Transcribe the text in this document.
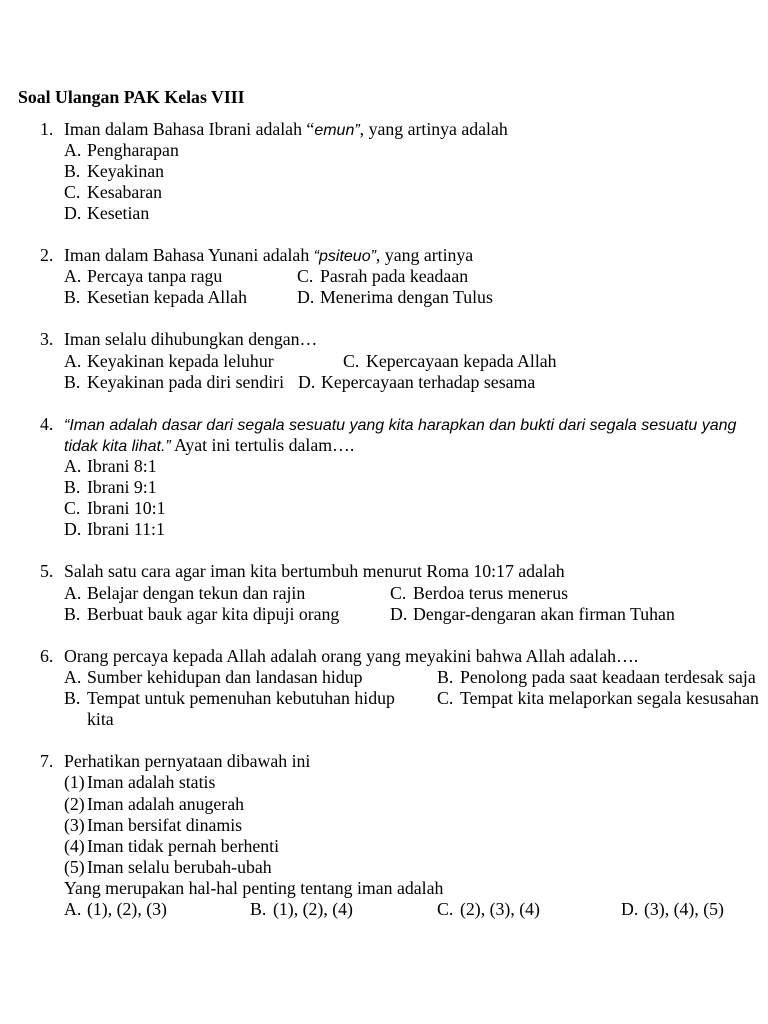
Soal Ulangan PAK Kelas VIII
1. Iman dalam Bahasa Ibrani adalah “emun”, yang artinya adalah
A. Pengharapan
B. Keyakinan
C. Kesabaran
D. Kesetian
2. Iman dalam Bahasa Yunani adalah “psiteuo”, yang artinya
A. Percaya tanpa ragu	C. Pasrah pada keadaan
B. Kesetian kepada Allah	D. Menerima dengan Tulus
3. Iman selalu dihubungkan dengan…
A. Keyakinan kepada leluhur	C. Kepercayaan kepada Allah
B. Keyakinan pada diri sendiri D. Kepercayaan terhadap sesama
4. “Iman adalah dasar dari segala sesuatu yang kita harapkan dan bukti dari segala sesuatu yang
tidak kita lihat.” Ayat ini tertulis dalam….
A. Ibrani 8:1
B. Ibrani 9:1
C. Ibrani 10:1
D. Ibrani 11:1
5. Salah satu cara agar iman kita bertumbuh menurut Roma 10:17 adalah
A. Belajar dengan tekun dan rajin	C. Berdoa terus menerus
B. Berbuat bauk agar kita dipuji orang	D. Dengar-dengaran akan firman Tuhan
6. Orang percaya kepada Allah adalah orang yang meyakini bahwa Allah adalah….
A. Sumber kehidupan dan landasan hidup	B. Penolong pada saat keadaan terdesak saja
B. Tempat untuk pemenuhan kebutuhan hidup C. Tempat kita melaporkan segala kesusahan
kita
7. Perhatikan pernyataan dibawah ini
(1) Iman adalah statis
(2) Iman adalah anugerah
(3) Iman bersifat dinamis
(4) Iman tidak pernah berhenti
(5) Iman selalu berubah-ubah
Yang merupakan hal-hal penting tentang iman adalah
A. (1), (2), (3)	B. (1), (2), (4)	C. (2), (3), (4)	D. (3), (4), (5)
